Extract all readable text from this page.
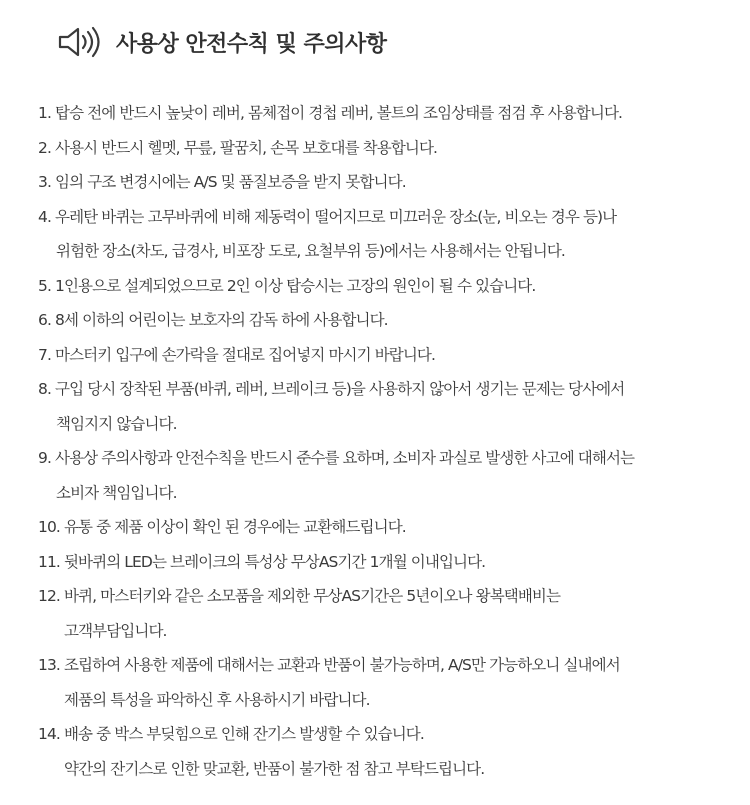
사용상 안전수칙 및 주의사항
1. 탑승 전에 반드시 높낮이 레버, 몸체접이 경첩 레버, 볼트의 조임상태를 점검 후 사용합니다.
2. 사용시 반드시 헬멧, 무릎, 팔꿈치, 손목 보호대를 착용합니다.
3. 임의 구조 변경시에는 A/S 및 품질보증을 받지 못합니다.
4. 우레탄 바퀴는 고무바퀴에 비해 제동력이 떨어지므로 미끄러운 장소(눈, 비오는 경우 등)나
위험한 장소(차도, 급경사, 비포장 도로, 요철부위 등)에서는 사용해서는 안됩니다.
5. 1인용으로 설계되었으므로 2인 이상 탑승시는 고장의 원인이 될 수 있습니다.
6. 8세 이하의 어린이는 보호자의 감독 하에 사용합니다.
7. 마스터키 입구에 손가락을 절대로 집어넣지 마시기 바랍니다.
8. 구입 당시 장착된 부품(바퀴, 레버, 브레이크 등)을 사용하지 않아서 생기는 문제는 당사에서
책임지지 않습니다.
9. 사용상 주의사항과 안전수칙을 반드시 준수를 요하며, 소비자 과실로 발생한 사고에 대해서는
소비자 책임입니다.
10. 유통 중 제품 이상이 확인 된 경우에는 교환해드립니다.
11. 뒷바퀴의 LED는 브레이크의 특성상 무상AS기간 1개월 이내입니다.
12. 바퀴, 마스터키와 같은 소모품을 제외한 무상AS기간은 5년이오나 왕복택배비는
고객부담입니다.
13. 조립하여 사용한 제품에 대해서는 교환과 반품이 불가능하며, A/S만 가능하오니 실내에서
제품의 특성을 파악하신 후 사용하시기 바랍니다.
14. 배송 중 박스 부딪힘으로 인해 잔기스 발생할 수 있습니다.
약간의 잔기스로 인한 맞교환, 반품이 불가한 점 참고 부탁드립니다.
